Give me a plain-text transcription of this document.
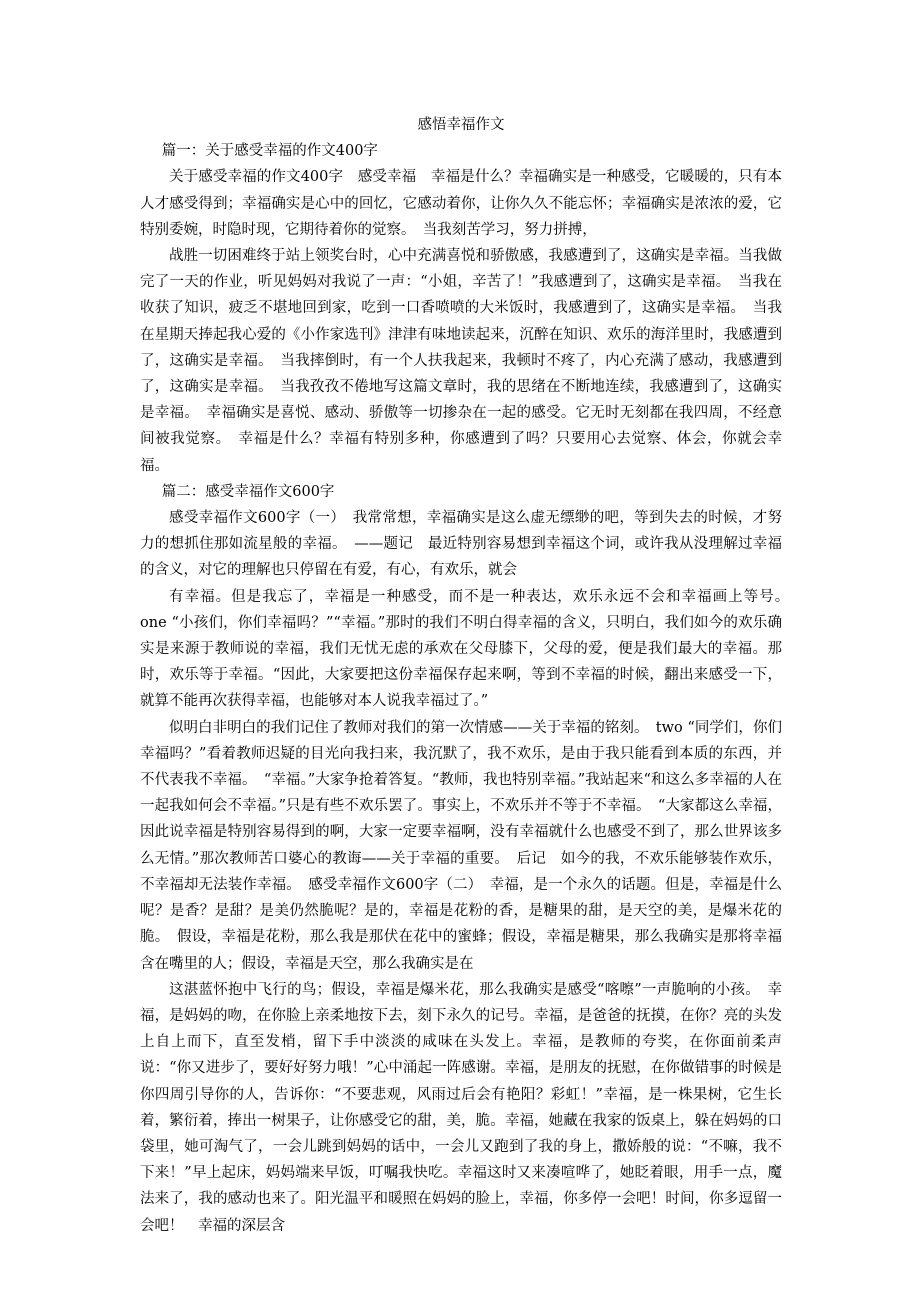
感悟幸福作文

篇一：关于感受幸福的作文400字

关于感受幸福的作文400字　感受幸福　幸福是什么？幸福确实是一种感受，它暖暖的，只有本人才感受得到；幸福确实是心中的回忆，它感动着你，让你久久不能忘怀；幸福确实是浓浓的爱，它特别委婉，时隐时现，它期待着你的觉察。　当我刻苦学习，努力拼搏，

战胜一切困难终于站上领奖台时，心中充满喜悦和骄傲感，我感遭到了，这确实是幸福。当我做完了一天的作业，听见妈妈对我说了一声：“小姐，辛苦了！”我感遭到了，这确实是幸福。　当我在收获了知识，疲乏不堪地回到家，吃到一口香喷喷的大米饭时，我感遭到了，这确实是幸福。　当我在星期天捧起我心爱的《小作家选刊》津津有味地读起来，沉醉在知识、欢乐的海洋里时，我感遭到了，这确实是幸福。　当我摔倒时，有一个人扶我起来，我顿时不疼了，内心充满了感动，我感遭到了，这确实是幸福。　当我孜孜不倦地写这篇文章时，我的思绪在不断地连续，我感遭到了，这确实是幸福。　幸福确实是喜悦、感动、骄傲等一切掺杂在一起的感受。它无时无刻都在我四周，不经意间被我觉察。　幸福是什么？幸福有特别多种，你感遭到了吗？只要用心去觉察、体会，你就会幸福。

篇二：感受幸福作文600字

感受幸福作文600字（一）　我常常想，幸福确实是这么虚无缥缈的吧，等到失去的时候，才努力的想抓住那如流星般的幸福。　——题记　最近特别容易想到幸福这个词，或许我从没理解过幸福的含义，对它的理解也只停留在有爱，有心，有欢乐，就会

有幸福。但是我忘了，幸福是一种感受，而不是一种表达，欢乐永远不会和幸福画上等号。　one “小孩们，你们幸福吗？”“幸福。”那时的我们不明白得幸福的含义，只明白，我们如今的欢乐确实是来源于教师说的幸福，我们无忧无虑的承欢在父母膝下，父母的爱，便是我们最大的幸福。那时，欢乐等于幸福。“因此，大家要把这份幸福保存起来啊，等到不幸福的时候，翻出来感受一下，就算不能再次获得幸福，也能够对本人说我幸福过了。”

似明白非明白的我们记住了教师对我们的第一次情感——关于幸福的铭刻。　two “同学们，你们幸福吗？”看着教师迟疑的目光向我扫来，我沉默了，我不欢乐，是由于我只能看到本质的东西，并不代表我不幸福。　“幸福。”大家争抢着答复。“教师，我也特别幸福。”我站起来“和这么多幸福的人在一起我如何会不幸福。”只是有些不欢乐罢了。事实上，不欢乐并不等于不幸福。　“大家都这么幸福，因此说幸福是特别容易得到的啊，大家一定要幸福啊，没有幸福就什么也感受不到了，那么世界该多么无情。”那次教师苦口婆心的教诲——关于幸福的重要。　后记　如今的我，不欢乐能够装作欢乐，不幸福却无法装作幸福。　感受幸福作文600字（二）　幸福，是一个永久的话题。但是，幸福是什么呢？是香？是甜？是美仍然脆呢？是的，幸福是花粉的香，是糖果的甜，是天空的美，是爆米花的脆。　假设，幸福是花粉，那么我是那伏在花中的蜜蜂；假设，幸福是糖果，那么我确实是那将幸福含在嘴里的人；假设，幸福是天空，那么我确实是在

这湛蓝怀抱中飞行的鸟；假设，幸福是爆米花，那么我确实是感受“喀嚓”一声脆响的小孩。　幸福，是妈妈的吻，在你脸上亲柔地按下去，刻下永久的记号。幸福，是爸爸的抚摸，在你？亮的头发上自上而下，直至发梢，留下手中淡淡的咸味在头发上。幸福，是教师的夸奖，在你面前柔声说：“你又进步了，要好好努力哦！”心中涌起一阵感谢。幸福，是朋友的抚慰，在你做错事的时候是你四周引导你的人，告诉你：“不要悲观，风雨过后会有艳阳？彩虹！”幸福，是一株果树，它生长着，繁衍着，捧出一树果子，让你感受它的甜，美，脆。幸福，她藏在我家的饭桌上，躲在妈妈的口袋里，她可淘气了，一会儿跳到妈妈的话中，一会儿又跑到了我的身上，撒娇般的说：“不嘛，我不下来！”早上起床，妈妈端来早饭，叮嘱我快吃。幸福这时又来凑喧哗了，她眨着眼，用手一点，魔法来了，我的感动也来了。阳光温平和暖照在妈妈的脸上，幸福，你多停一会吧！时间，你多逗留一会吧！　幸福的深层含
